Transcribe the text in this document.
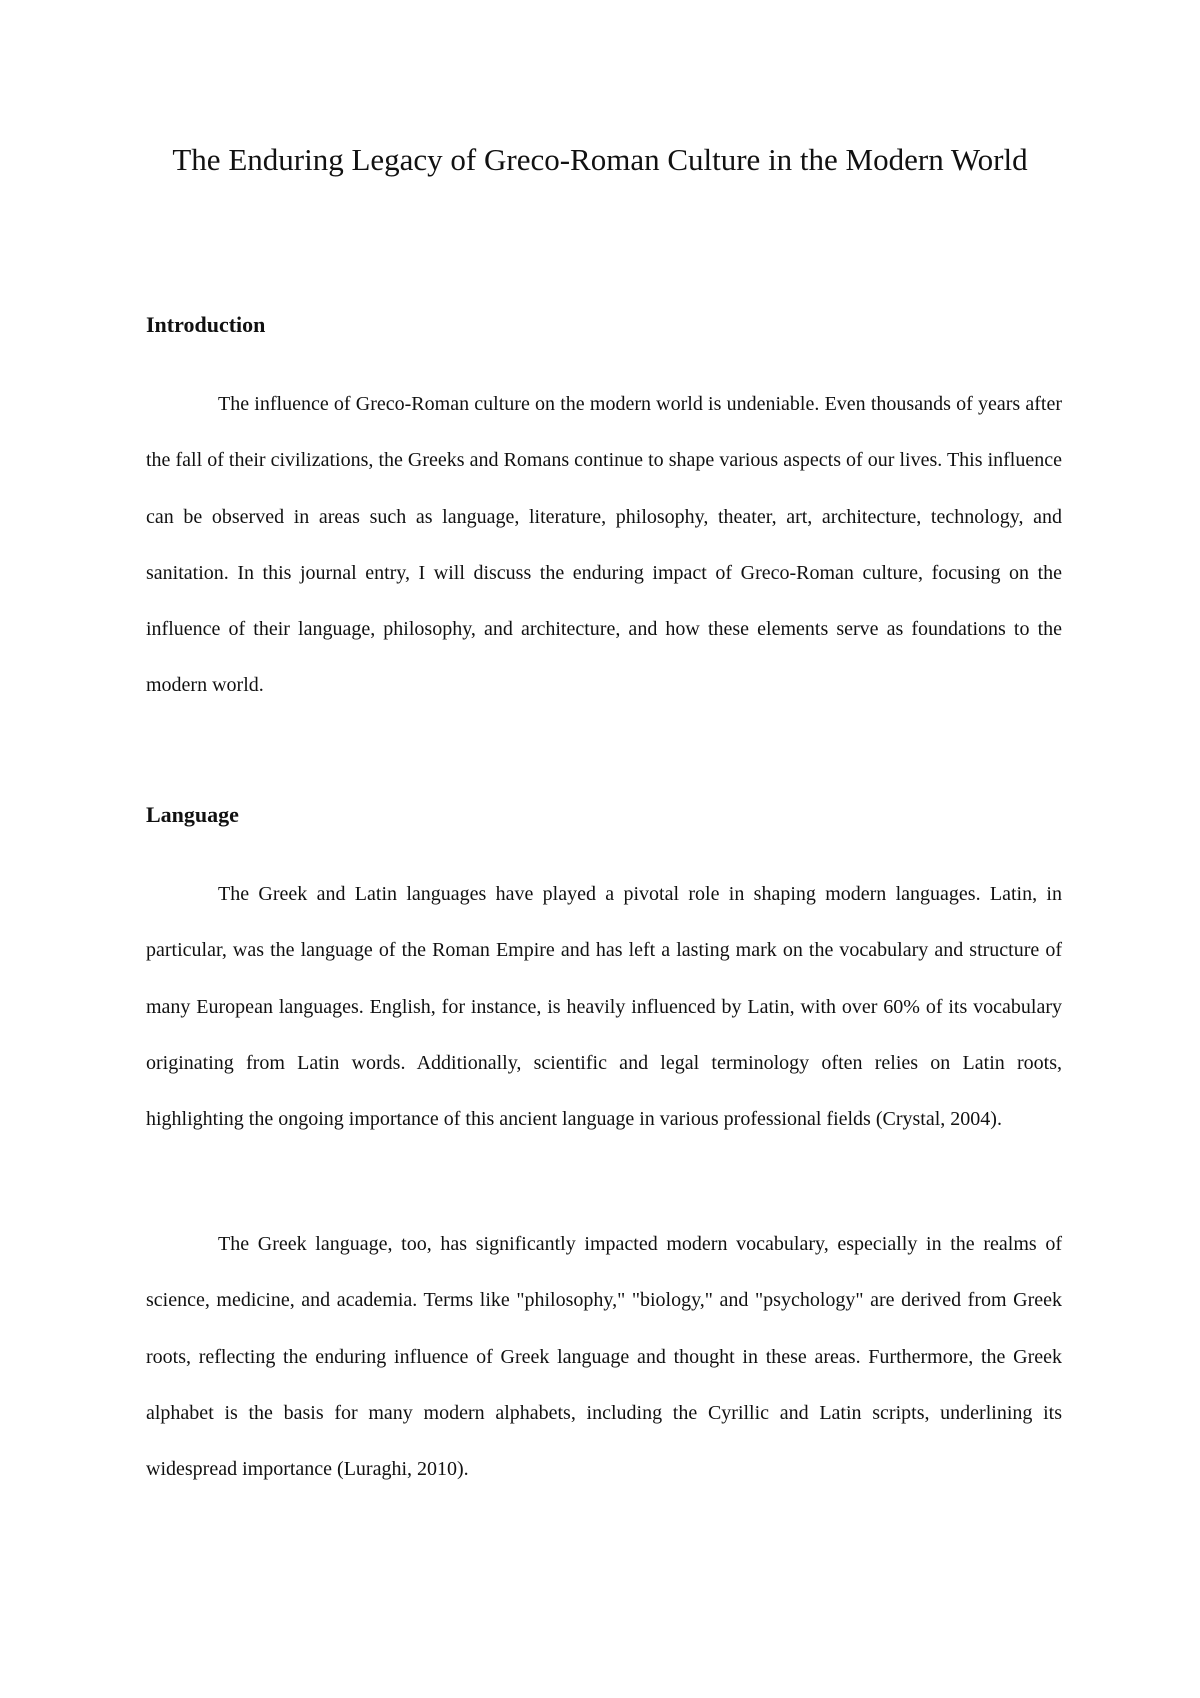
The Enduring Legacy of Greco-Roman Culture in the Modern World
Introduction

The influence of Greco-Roman culture on the modern world is undeniable. Even thousands of years after the fall of their civilizations, the Greeks and Romans continue to shape various aspects of our lives. This influence can be observed in areas such as language, literature, philosophy, theater, art, architecture, technology, and sanitation. In this journal entry, I will discuss the enduring impact of Greco-Roman culture, focusing on the influence of their language, philosophy, and architecture, and how these elements serve as foundations to the modern world.

Language

The Greek and Latin languages have played a pivotal role in shaping modern languages. Latin, in particular, was the language of the Roman Empire and has left a lasting mark on the vocabulary and structure of many European languages. English, for instance, is heavily influenced by Latin, with over 60% of its vocabulary originating from Latin words. Additionally, scientific and legal terminology often relies on Latin roots, highlighting the ongoing importance of this ancient language in various professional fields (Crystal, 2004).

The Greek language, too, has significantly impacted modern vocabulary, especially in the realms of science, medicine, and academia. Terms like "philosophy," "biology," and "psychology" are derived from Greek roots, reflecting the enduring influence of Greek language and thought in these areas. Furthermore, the Greek alphabet is the basis for many modern alphabets, including the Cyrillic and Latin scripts, underlining its widespread importance (Luraghi, 2010).
